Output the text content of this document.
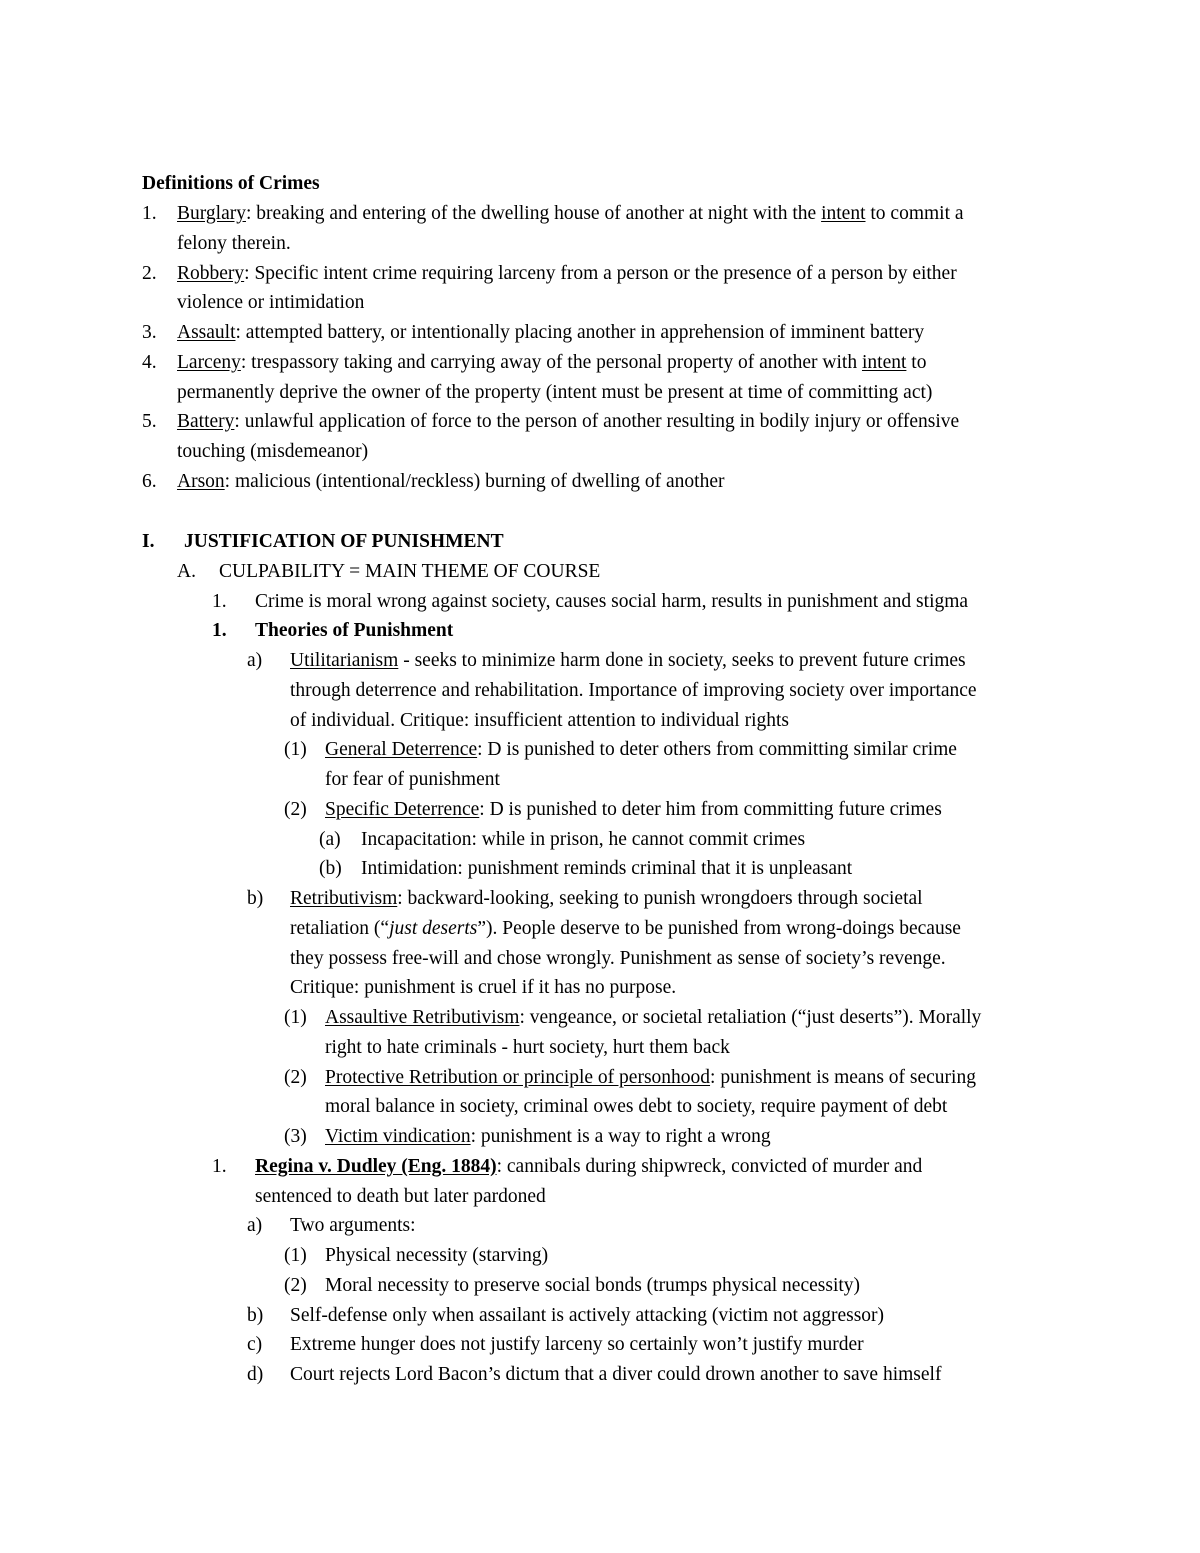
Definitions of Crimes
1. Burglary: breaking and entering of the dwelling house of another at night with the intent to commit a
felony therein.
2. Robbery: Specific intent crime requiring larceny from a person or the presence of a person by either
violence or intimidation
3. Assault: attempted battery, or intentionally placing another in apprehension of imminent battery
4. Larceny: trespassory taking and carrying away of the personal property of another with intent to
permanently deprive the owner of the property (intent must be present at time of committing act)
5. Battery: unlawful application of force to the person of another resulting in bodily injury or offensive
touching (misdemeanor)
6. Arson: malicious (intentional/reckless) burning of dwelling of another
I. JUSTIFICATION OF PUNISHMENT
A. CULPABILITY = MAIN THEME OF COURSE
1. Crime is moral wrong against society, causes social harm, results in punishment and stigma
1. Theories of Punishment
a) Utilitarianism - seeks to minimize harm done in society, seeks to prevent future crimes
through deterrence and rehabilitation. Importance of improving society over importance
of individual. Critique: insufficient attention to individual rights
(1) General Deterrence: D is punished to deter others from committing similar crime
for fear of punishment
(2) Specific Deterrence: D is punished to deter him from committing future crimes
(a) Incapacitation: while in prison, he cannot commit crimes
(b) Intimidation: punishment reminds criminal that it is unpleasant
b) Retributivism: backward-looking, seeking to punish wrongdoers through societal
retaliation (“just deserts”). People deserve to be punished from wrong-doings because
they possess free-will and chose wrongly. Punishment as sense of society’s revenge.
Critique: punishment is cruel if it has no purpose.
(1) Assaultive Retributivism: vengeance, or societal retaliation (“just deserts”). Morally
right to hate criminals - hurt society, hurt them back
(2) Protective Retribution or principle of personhood: punishment is means of securing
moral balance in society, criminal owes debt to society, require payment of debt
(3) Victim vindication: punishment is a way to right a wrong
1. Regina v. Dudley (Eng. 1884): cannibals during shipwreck, convicted of murder and
sentenced to death but later pardoned
a) Two arguments:
(1) Physical necessity (starving)
(2) Moral necessity to preserve social bonds (trumps physical necessity)
b) Self-defense only when assailant is actively attacking (victim not aggressor)
c) Extreme hunger does not justify larceny so certainly won’t justify murder
d) Court rejects Lord Bacon’s dictum that a diver could drown another to save himself
